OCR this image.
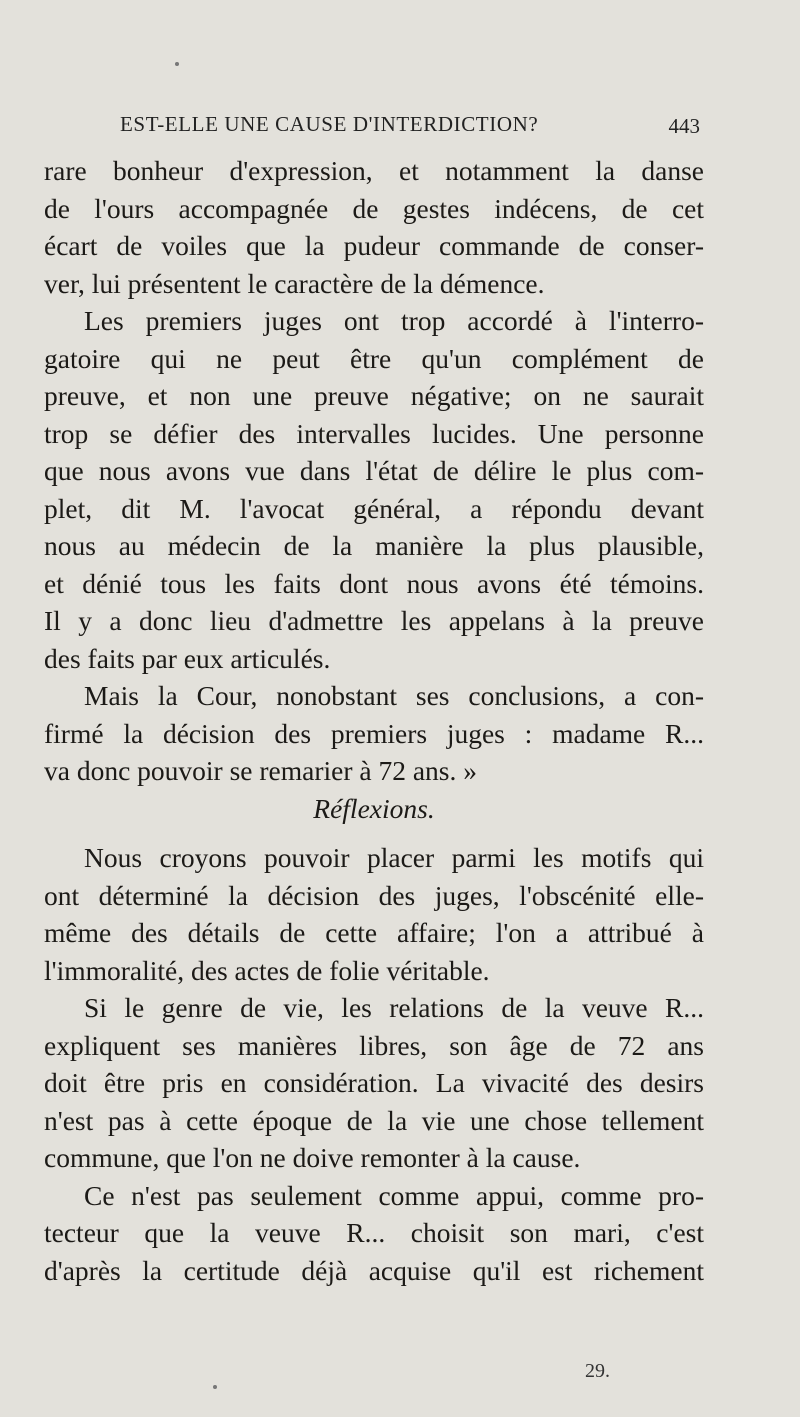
EST-ELLE UNE CAUSE D'INTERDICTION?	443
rare bonheur d'expression, et notamment la danse
de l'ours accompagnée de gestes indécens, de cet
écart de voiles que la pudeur commande de conser-
ver, lui présentent le caractère de la démence.
Les premiers juges ont trop accordé à l'interro-
gatoire qui ne peut être qu'un complément de
preuve, et non une preuve négative; on ne saurait
trop se défier des intervalles lucides. Une personne
que nous avons vue dans l'état de délire le plus com-
plet, dit M. l'avocat général, a répondu devant
nous au médecin de la manière la plus plausible,
et dénié tous les faits dont nous avons été témoins.
Il y a donc lieu d'admettre les appelans à la preuve
des faits par eux articulés.
Mais la Cour, nonobstant ses conclusions, a con-
firmé la décision des premiers juges : madame R...
va donc pouvoir se remarier à 72 ans. »
Réflexions.
Nous croyons pouvoir placer parmi les motifs qui
ont déterminé la décision des juges, l'obscénité elle-
même des détails de cette affaire; l'on a attribué à
l'immoralité, des actes de folie véritable.
Si le genre de vie, les relations de la veuve R...
expliquent ses manières libres, son âge de 72 ans
doit être pris en considération. La vivacité des desirs
n'est pas à cette époque de la vie une chose tellement
commune, que l'on ne doive remonter à la cause.
Ce n'est pas seulement comme appui, comme pro-
tecteur que la veuve R... choisit son mari, c'est
d'après la certitude déjà acquise qu'il est richement
29.
